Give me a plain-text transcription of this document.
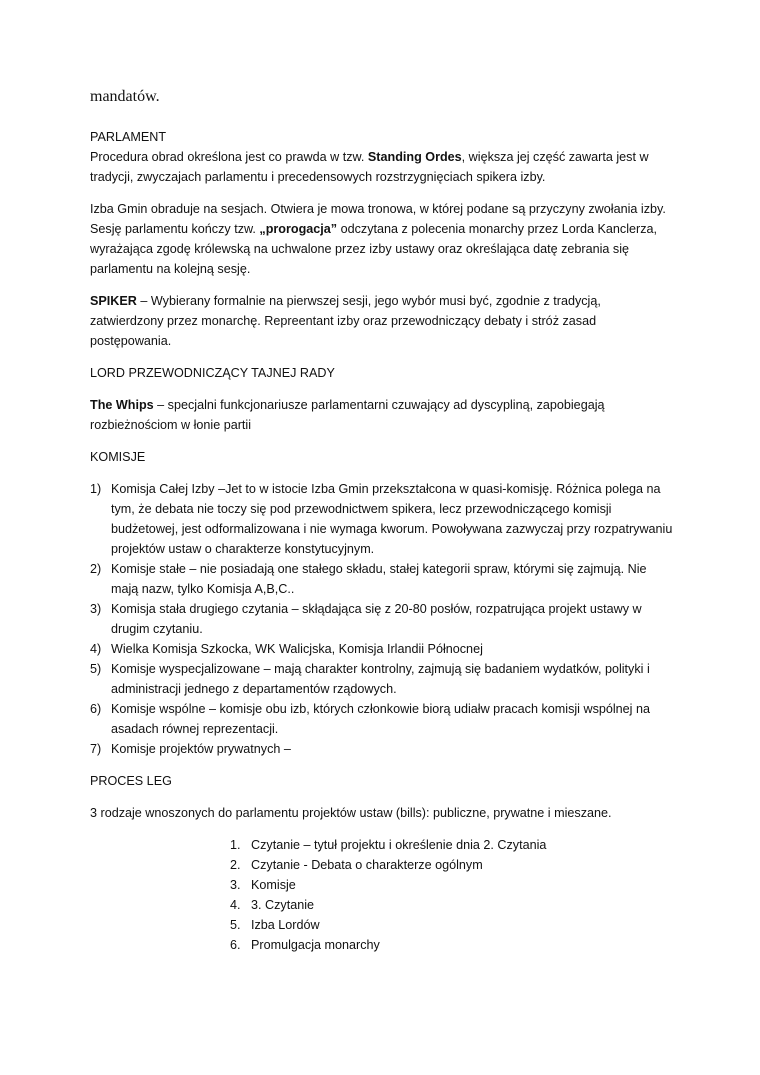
mandatów.

PARLAMENT

Procedura obrad określona jest co prawda w tzw. Standing Ordes, większa jej część zawarta jest w tradycji, zwyczajach parlamentu i precedensowych rozstrzygnięciach spikera izby.

Izba Gmin obraduje na sesjach. Otwiera je mowa tronowa, w której podane są przyczyny zwołania izby. Sesję parlamentu kończy tzw. „prorogacja” odczytana z polecenia monarchy przez Lorda Kanclerza, wyrażająca zgodę królewską na uchwalone przez izby ustawy oraz określająca datę zebrania się parlamentu na kolejną sesję.

SPIKER – Wybierany formalnie na pierwszej sesji, jego wybór musi być, zgodnie z tradycją, zatwierdzony przez monarchę. Repreentant izby oraz przewodniczący debaty i stróż zasad postępowania.

LORD PRZEWODNICZĄCY TAJNEJ RADY

The Whips – specjalni funkcjonariusze parlamentarni czuwający ad dyscypliną, zapobiegają rozbieżnościom w łonie partii

KOMISJE

1) Komisja Całej Izby –Jet to w istocie Izba Gmin przekształcona w quasi-komisję. Różnica polega na tym, że debata nie toczy się pod przewodnictwem spikera, lecz przewodniczącego komisji budżetowej, jest odformalizowana i nie wymaga kworum. Powoływana zazwyczaj przy rozpatrywaniu projektów ustaw o charakterze konstytucyjnym.
2) Komisje stałe – nie posiadają one stałego składu, stałej kategorii spraw, którymi się zajmują. Nie mają nazw, tylko Komisja A,B,C..
3) Komisja stała drugiego czytania – skłądająca się z 20-80 posłów, rozpatrująca projekt ustawy w drugim czytaniu.
4) Wielka Komisja Szkocka, WK Walicjska, Komisja Irlandii Północnej
5) Komisje wyspecjalizowane – mają charakter kontrolny, zajmują się badaniem wydatków, polityki i administracji jednego z departamentów rządowych.
6) Komisje wspólne – komisje obu izb, których członkowie biorą udiałw pracach komisji wspólnej na asadach równej reprezentacji.
7) Komisje projektów prywatnych –

PROCES LEG

3 rodzaje wnoszonych do parlamentu projektów ustaw (bills): publiczne, prywatne i mieszane.

1. Czytanie – tytuł projektu i określenie dnia 2. Czytania
2. Czytanie - Debata o charakterze ogólnym
3. Komisje
4. 3. Czytanie
5. Izba Lordów
6. Promulgacja monarchy
